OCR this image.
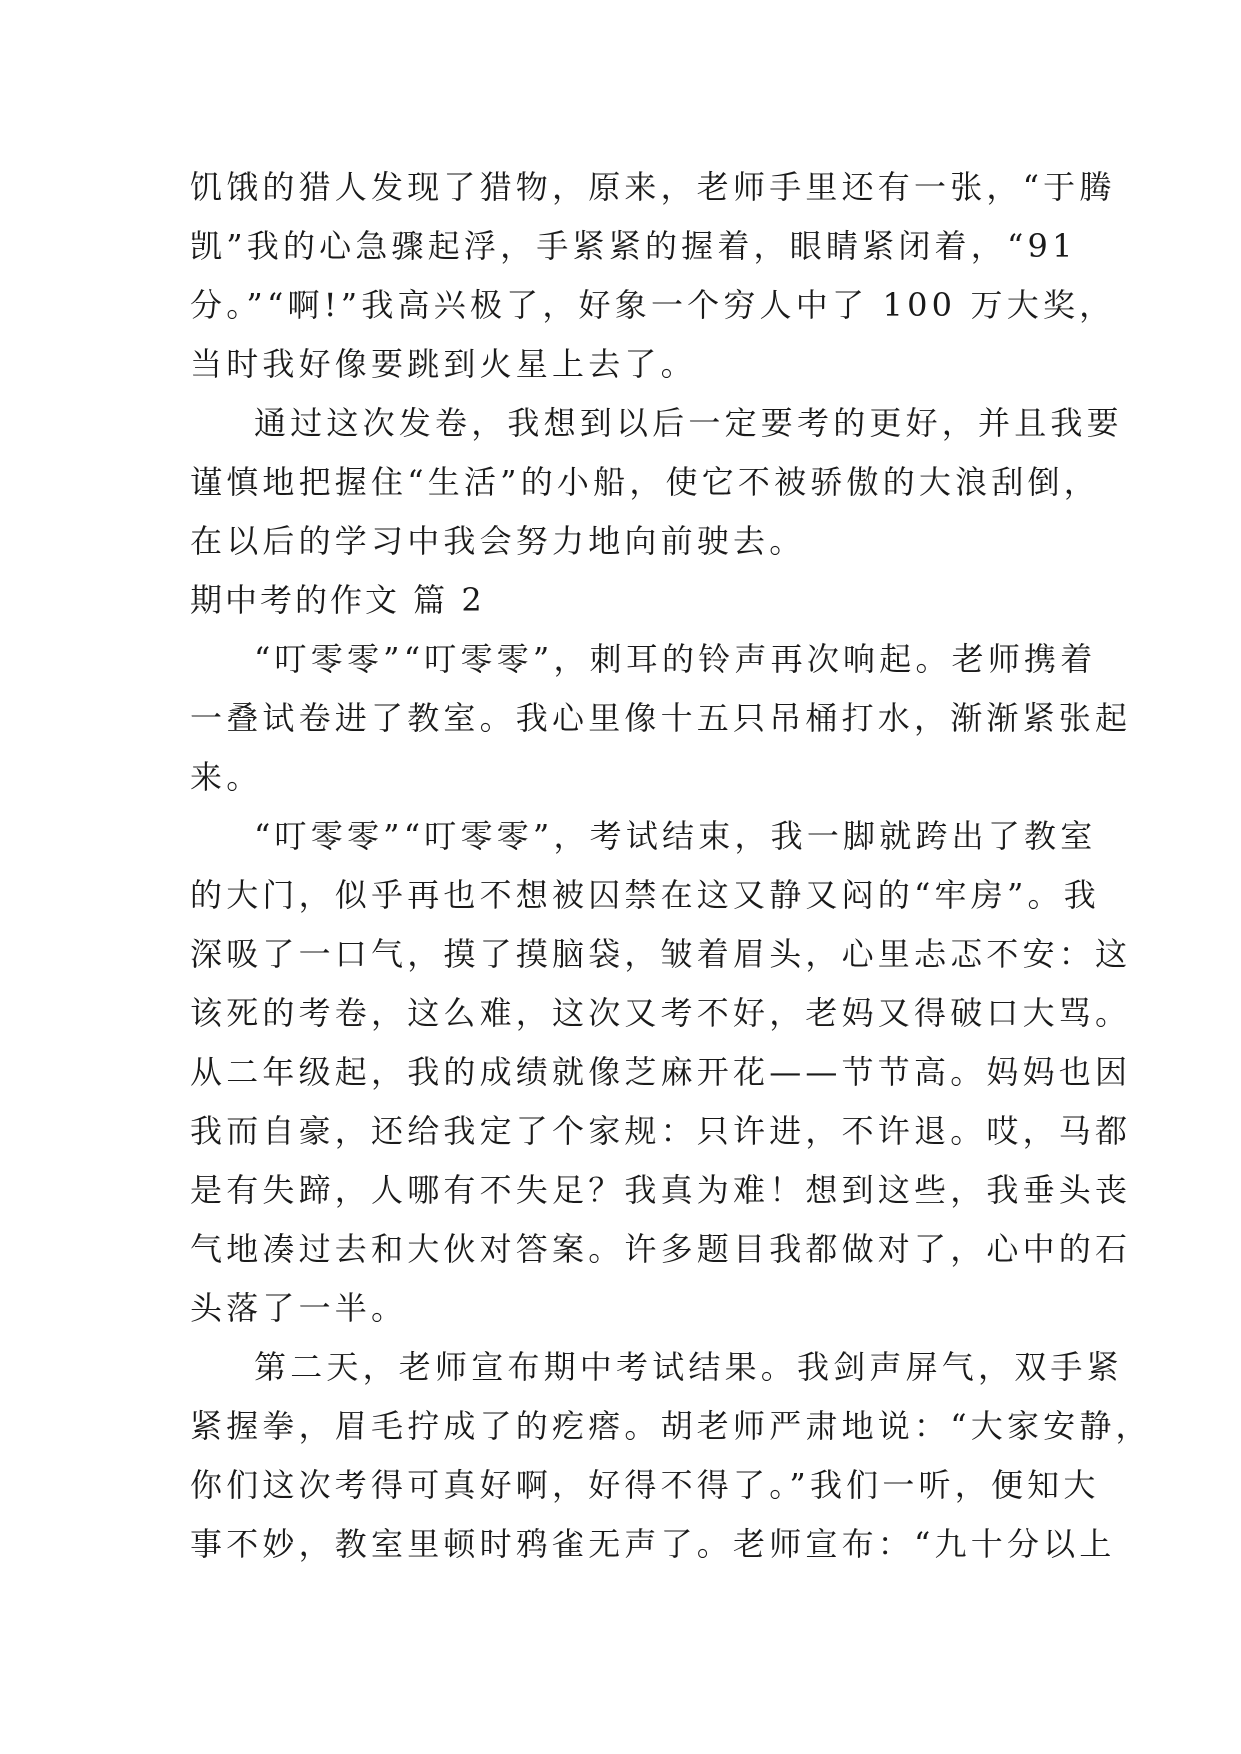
饥饿的猎人发现了猎物，原来，老师手里还有一张，“于腾
凯”我的心急骤起浮，手紧紧的握着，眼睛紧闭着，“91
分。”“啊!”我高兴极了，好象一个穷人中了 100 万大奖，
当时我好像要跳到火星上去了。
通过这次发卷，我想到以后一定要考的更好，并且我要
谨慎地把握住“生活”的小船，使它不被骄傲的大浪刮倒，
在以后的学习中我会努力地向前驶去。
期中考的作文 篇 2
“叮零零”“叮零零”，刺耳的铃声再次响起。老师携着
一叠试卷进了教室。我心里像十五只吊桶打水，渐渐紧张起
来。
“叮零零”“叮零零”，考试结束，我一脚就跨出了教室
的大门，似乎再也不想被囚禁在这又静又闷的“牢房”。我
深吸了一口气，摸了摸脑袋，皱着眉头，心里忐忑不安：这
该死的考卷，这么难，这次又考不好，老妈又得破口大骂。
从二年级起，我的成绩就像芝麻开花——节节高。妈妈也因
我而自豪，还给我定了个家规：只许进，不许退。哎，马都
是有失蹄，人哪有不失足？我真为难！想到这些，我垂头丧
气地凑过去和大伙对答案。许多题目我都做对了，心中的石
头落了一半。
第二天，老师宣布期中考试结果。我剑声屏气，双手紧
紧握拳，眉毛拧成了的疙瘩。胡老师严肃地说：“大家安静，
你们这次考得可真好啊，好得不得了。”我们一听，便知大
事不妙，教室里顿时鸦雀无声了。老师宣布：“九十分以上
